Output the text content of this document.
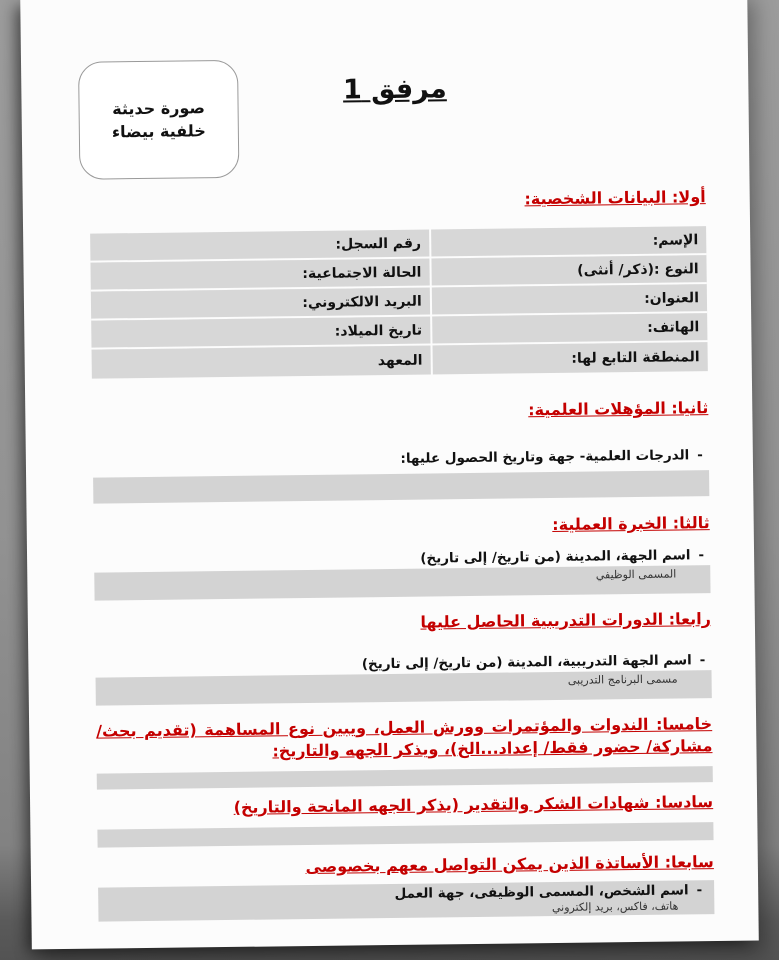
صورة حديثة
خلفية بيضاء
مرفق 1
أولا: البيانات الشخصية:
الإسم:
رقم السجل:
النوع :(ذكر/ أنثى)
الحالة الاجتماعية:
العنوان:
البريد الالكتروني:
الهاتف:
تاريخ الميلاد:
المنطقة التابع لها:
المعهد
ثانيا: المؤهلات العلمية:
-
الدرجات العلمية- جهة وتاريخ الحصول عليها:
ثالثا: الخبرة العملية:
-
اسم الجهة، المدينة (من تاريخ/ إلى تاريخ)
المسمى الوظيفي
رابعا: الدورات التدريبية الحاصل عليها
-
اسم الجهة التدريبية، المدينة (من تاريخ/ إلى تاريخ)
مسمى البرنامج التدريبى
خامسا: الندوات والمؤتمرات وورش العمل، ويبين نوع المساهمة (تقديم بحث/ مشاركة/ حضور فقط/ إعداد...الخ)، ويذكر الجهه والتاريخ:
سادسا: شهادات الشكر والتقدير (يذكر الجهه المانحة والتاريخ)
سابعا: الأساتذة الذين يمكن التواصل معهم بخصوصى
-
اسم الشخص، المسمى الوظيفى، جهة العمل
هاتف، فاكس، بريد إلكتروني
